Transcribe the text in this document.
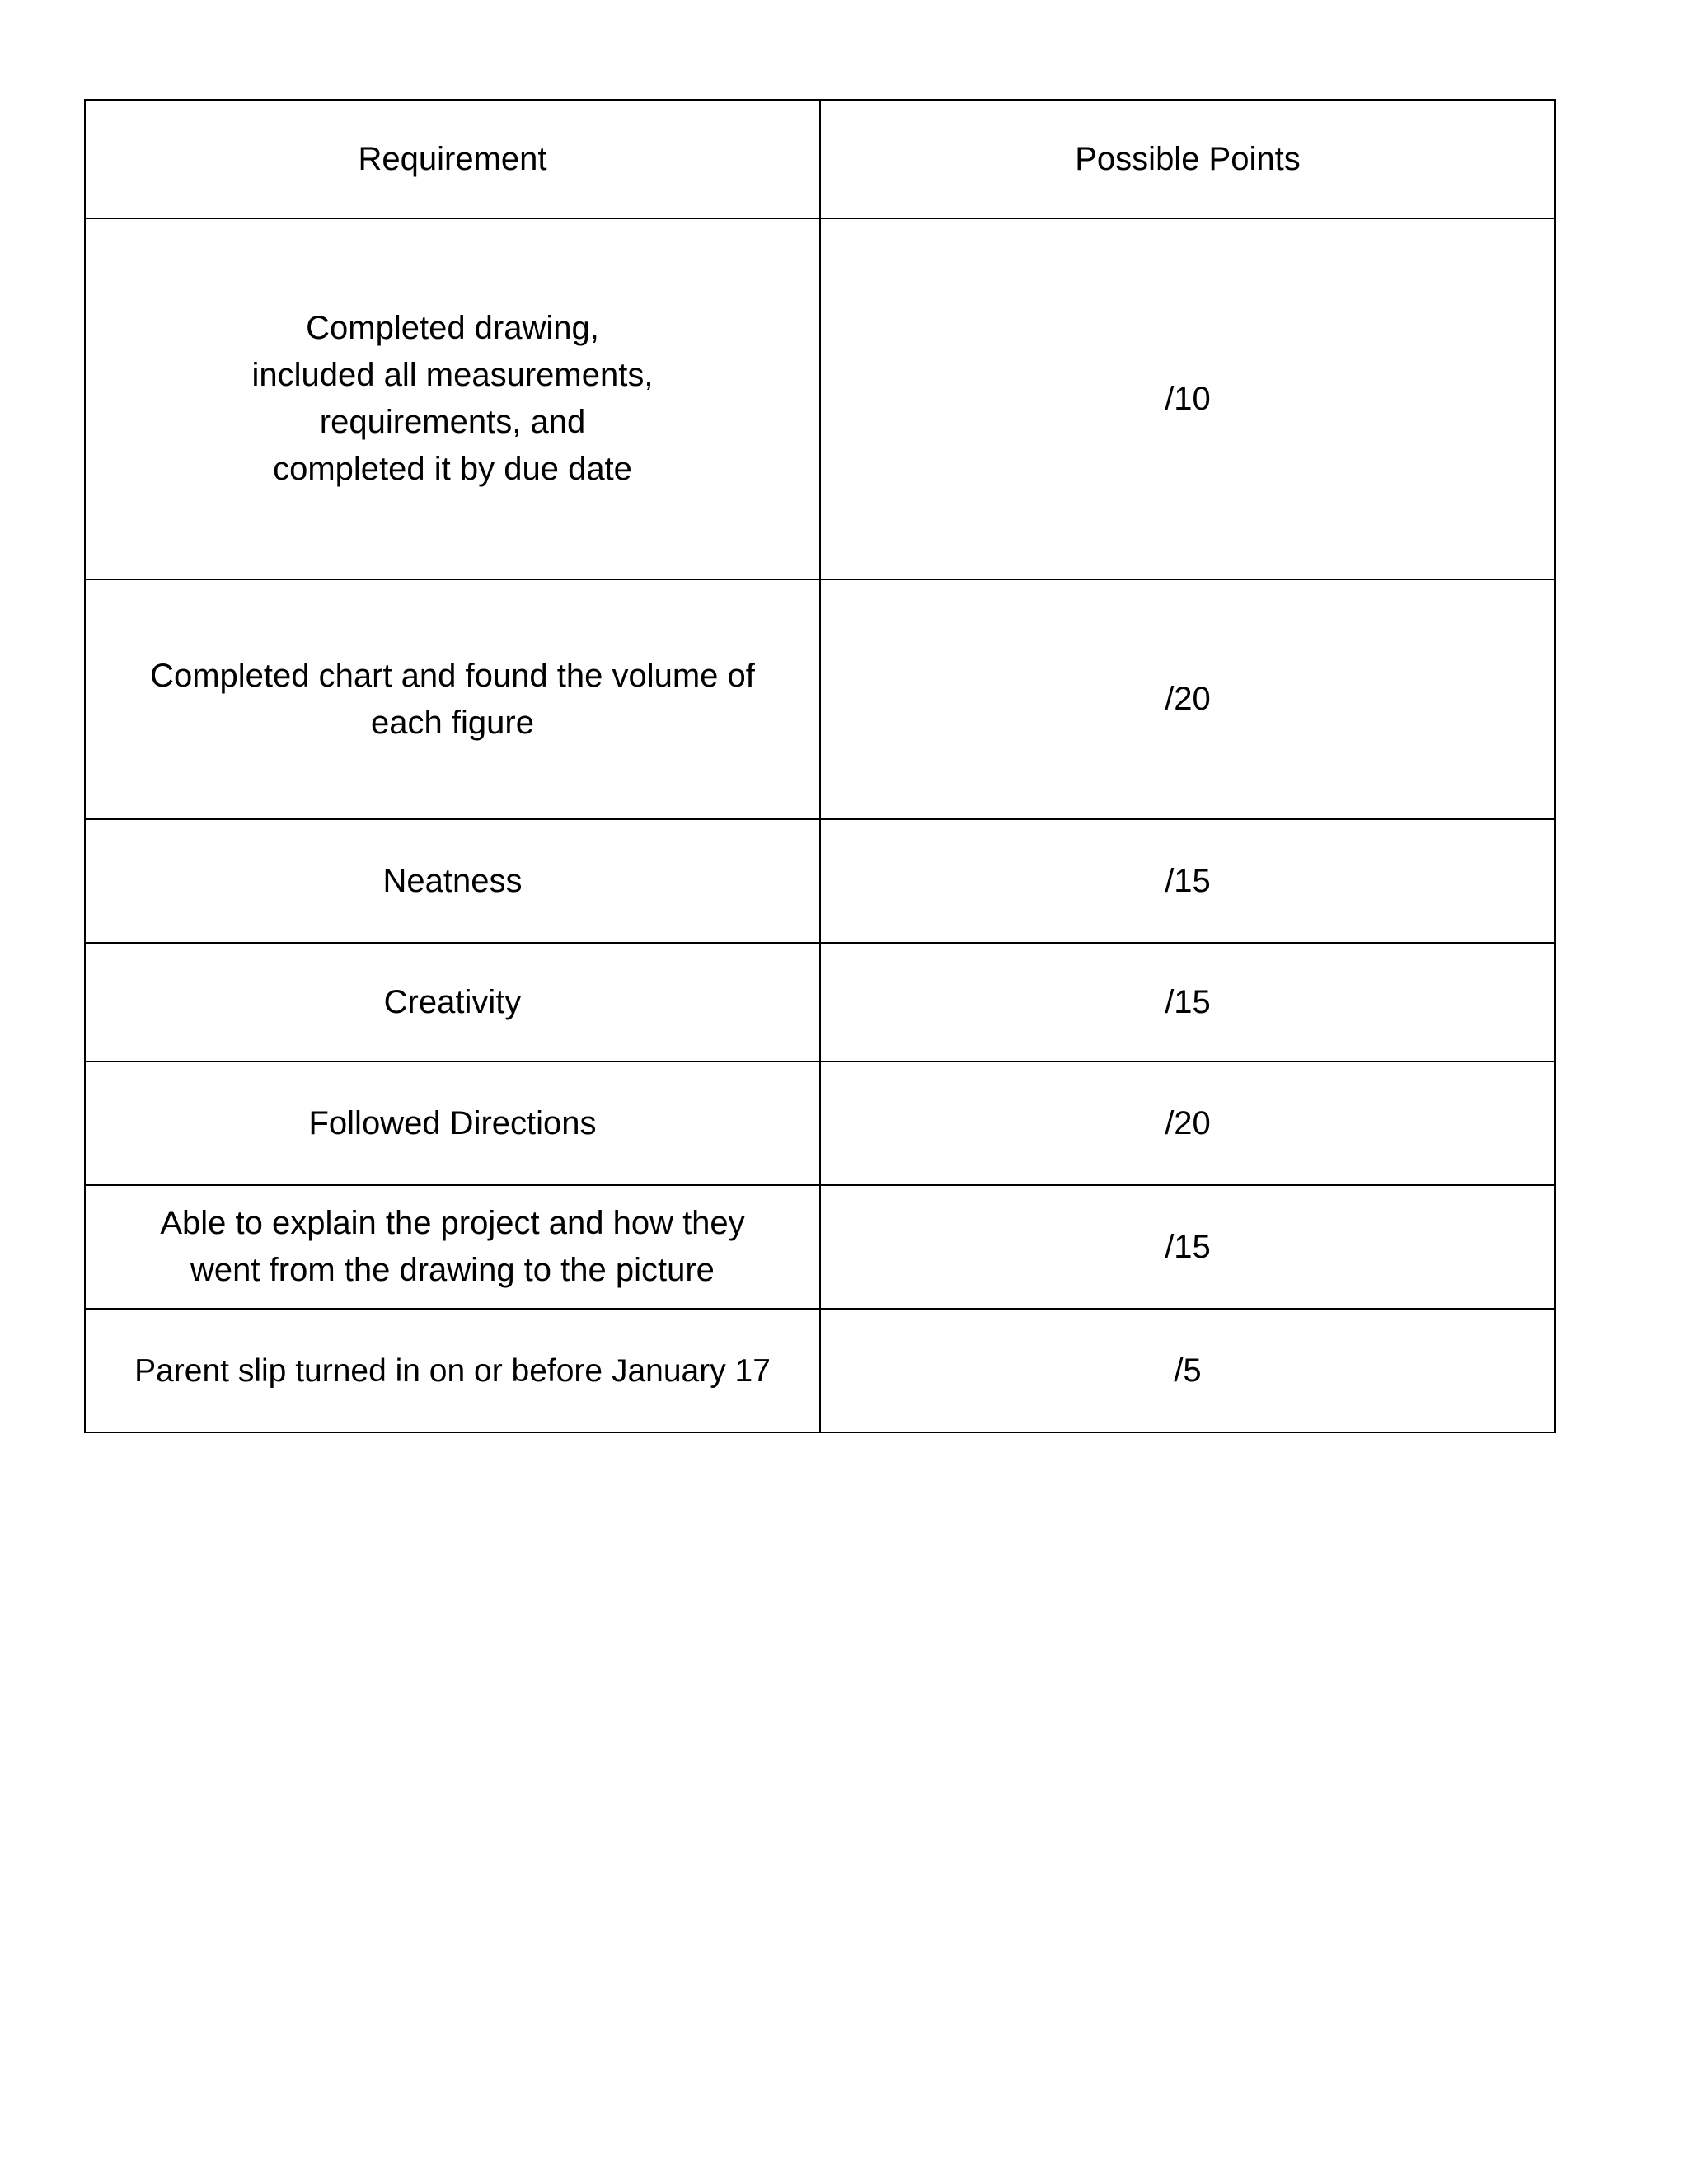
Requirement	Possible Points
Completed drawing, included all measurements, requirements, and completed it by due date	/10
Completed chart and found the volume of each figure	/20
Neatness	/15
Creativity	/15
Followed Directions	/20
Able to explain the project and how they went from the drawing to the picture	/15
Parent slip turned in on or before January 17	/5
